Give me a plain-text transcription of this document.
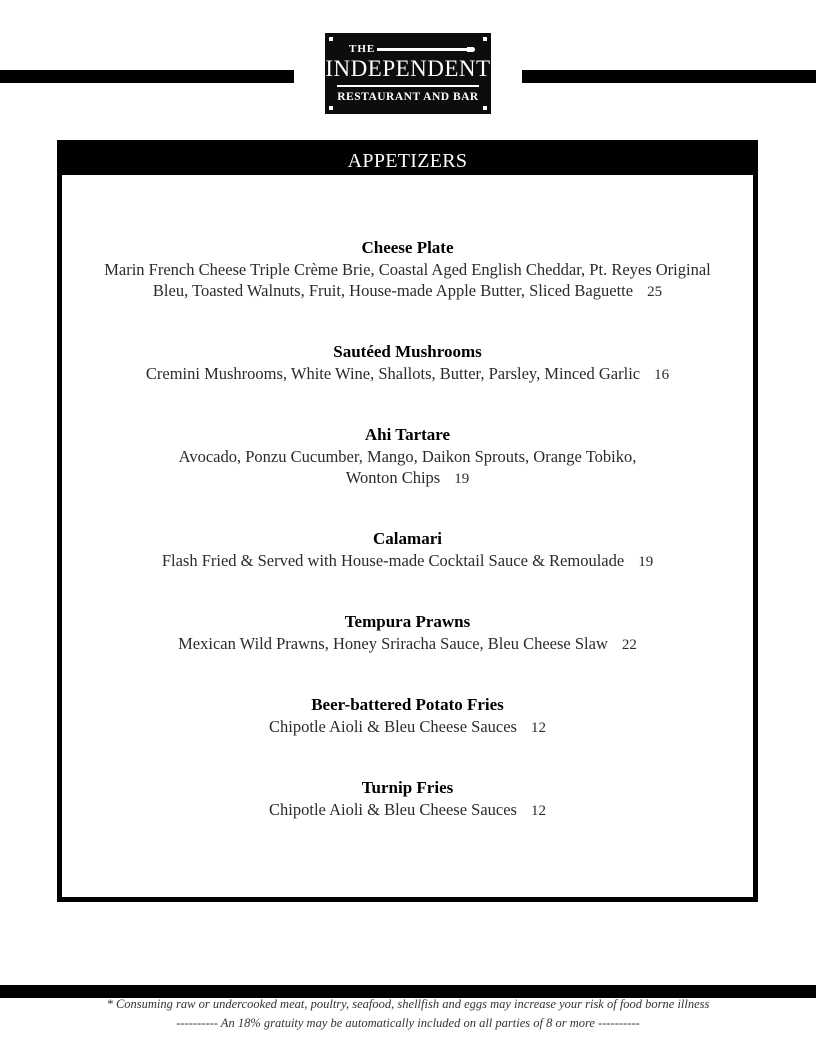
THE
INDEPENDENT
RESTAURANT AND BAR
APPETIZERS
Cheese Plate
Marin French Cheese Triple Crème Brie, Coastal Aged English Cheddar, Pt. Reyes Original
Bleu, Toasted Walnuts, Fruit, House-made Apple Butter, Sliced Baguette 25
Sautéed Mushrooms
Cremini Mushrooms, White Wine, Shallots, Butter, Parsley, Minced Garlic 16
Ahi Tartare
Avocado, Ponzu Cucumber, Mango, Daikon Sprouts, Orange Tobiko,
Wonton Chips 19
Calamari
Flash Fried & Served with House-made Cocktail Sauce & Remoulade 19
Tempura Prawns
Mexican Wild Prawns, Honey Sriracha Sauce, Bleu Cheese Slaw 22
Beer-battered Potato Fries
Chipotle Aioli & Bleu Cheese Sauces 12
Turnip Fries
Chipotle Aioli & Bleu Cheese Sauces 12
* Consuming raw or undercooked meat, poultry, seafood, shellfish and eggs may increase your risk of food borne illness
---------- An 18% gratuity may be automatically included on all parties of 8 or more ----------
